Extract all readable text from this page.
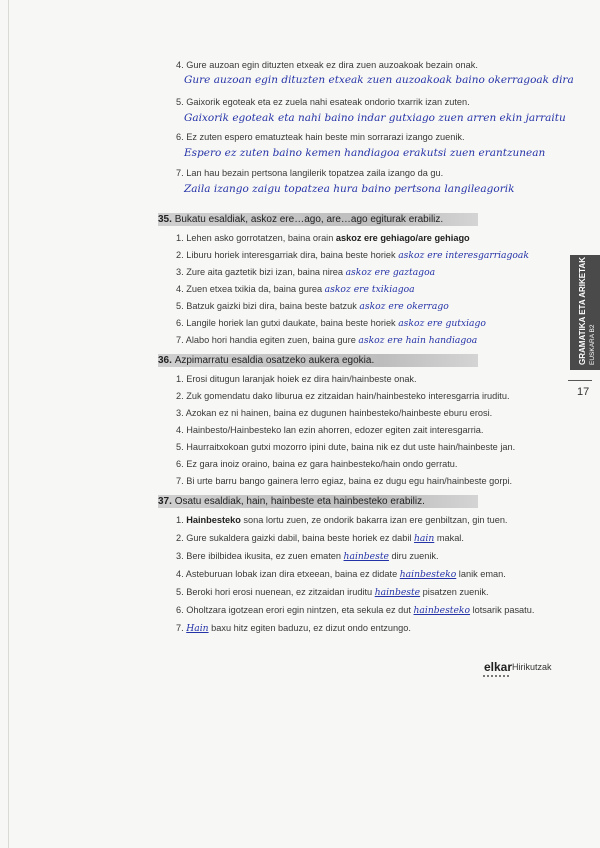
4. Gure auzoan egin dituzten etxeak ez dira zuen auzoakoak bezain onak.
Gure auzoan egin dituzten etxeak zuen auzoakoak baino okerragoak dira
5. Gaixorik egoteak eta ez zuela nahi esateak ondorio txarrik izan zuten.
Gaixorik egoteak eta nahi baino indar gutxiago zuen arren ekin jarraitu
6. Ez zuten espero ematuzteak hain beste min sorrarazi izango zuenik.
Espero ez zuten baino kemen handiagoa erakutsi zuen erantzunean
7. Lan hau bezain pertsona langilerik topatzea zaila izango da gu.
Zaila izango zaigu topatzea hura baino pertsona langileagorik
35. Bukatu esaldiak, askoz ere…ago, are…ago egiturak erabiliz.
1. Lehen asko gorrotatzen, baina orain askoz ere gehiago/are gehiago
2. Liburu horiek interesgarriak dira, baina beste horiek askoz ere interesgarriagoak
3. Zure aita gaztetik bizi izan, baina nirea askoz ere gaztagoa
4. Zuen etxea txikia da, baina gurea askoz ere txikiagoa
5. Batzuk gaizki bizi dira, baina beste batzuk askoz ere okerrago
6. Langile horiek lan gutxi daukate, baina beste horiek askoz ere gutxiago
7. Alabo hori handia egiten zuen, baina gure askoz ere hain handiagoa
36. Azpimarratu esaldia osatzeko aukera egokia.
1. Erosi ditugun laranjak hoiek ez dira hain/hainbeste onak.
2. Zuk gomendatu dako liburua ez zitzaidan hain/hainbesteko interesgarria iruditu.
3. Azokan ez ni hainen, baina ez dugunen hainbesteko/hainbeste eburu erosi.
4. Hainbesto/Hainbesteko lan ezin ahorren, edozer egiten zait interesgarria.
5. Haurraitxokoan gutxi mozorro ipini dute, baina nik ez dut uste hain/hainbeste jan.
6. Ez gara inoiz oraino, baina ez gara hainbesteko/hain ondo gerratu.
7. Bi urte barru bango gainera lerro egiaz, baina ez dugu egu hain/hainbeste gorpi.
37. Osatu esaldiak, hain, hainbeste eta hainbesteko erabiliz.
1. Hainbesteko sona lortu zuen, ze ondorik bakarra izan ere genbiltzan, gin tuen.
2. Gure sukaldera gaizki dabil, baina beste horiek ez dabil hain makal.
3. Bere ibilbidea ikusita, ez zuen ematen hainbeste diru zuenik.
4. Asteburuan lobak izan dira etxeean, baina ez didate hainbesteko lanik eman.
5. Beroki hori erosi nuenean, ez zitzaidan iruditu hainbeste pisatzen zuenik.
6. Oholtzara igotzean erori egin nintzen, eta sekula ez dut hainbesteko lotsarik pasatu.
7. Hain baxu hitz egiten baduzu, ez dizut ondo entzungo.
GRAMATIKA ETA ARIKETAK EUSKARA B2
17
elkar Hirikutzak
